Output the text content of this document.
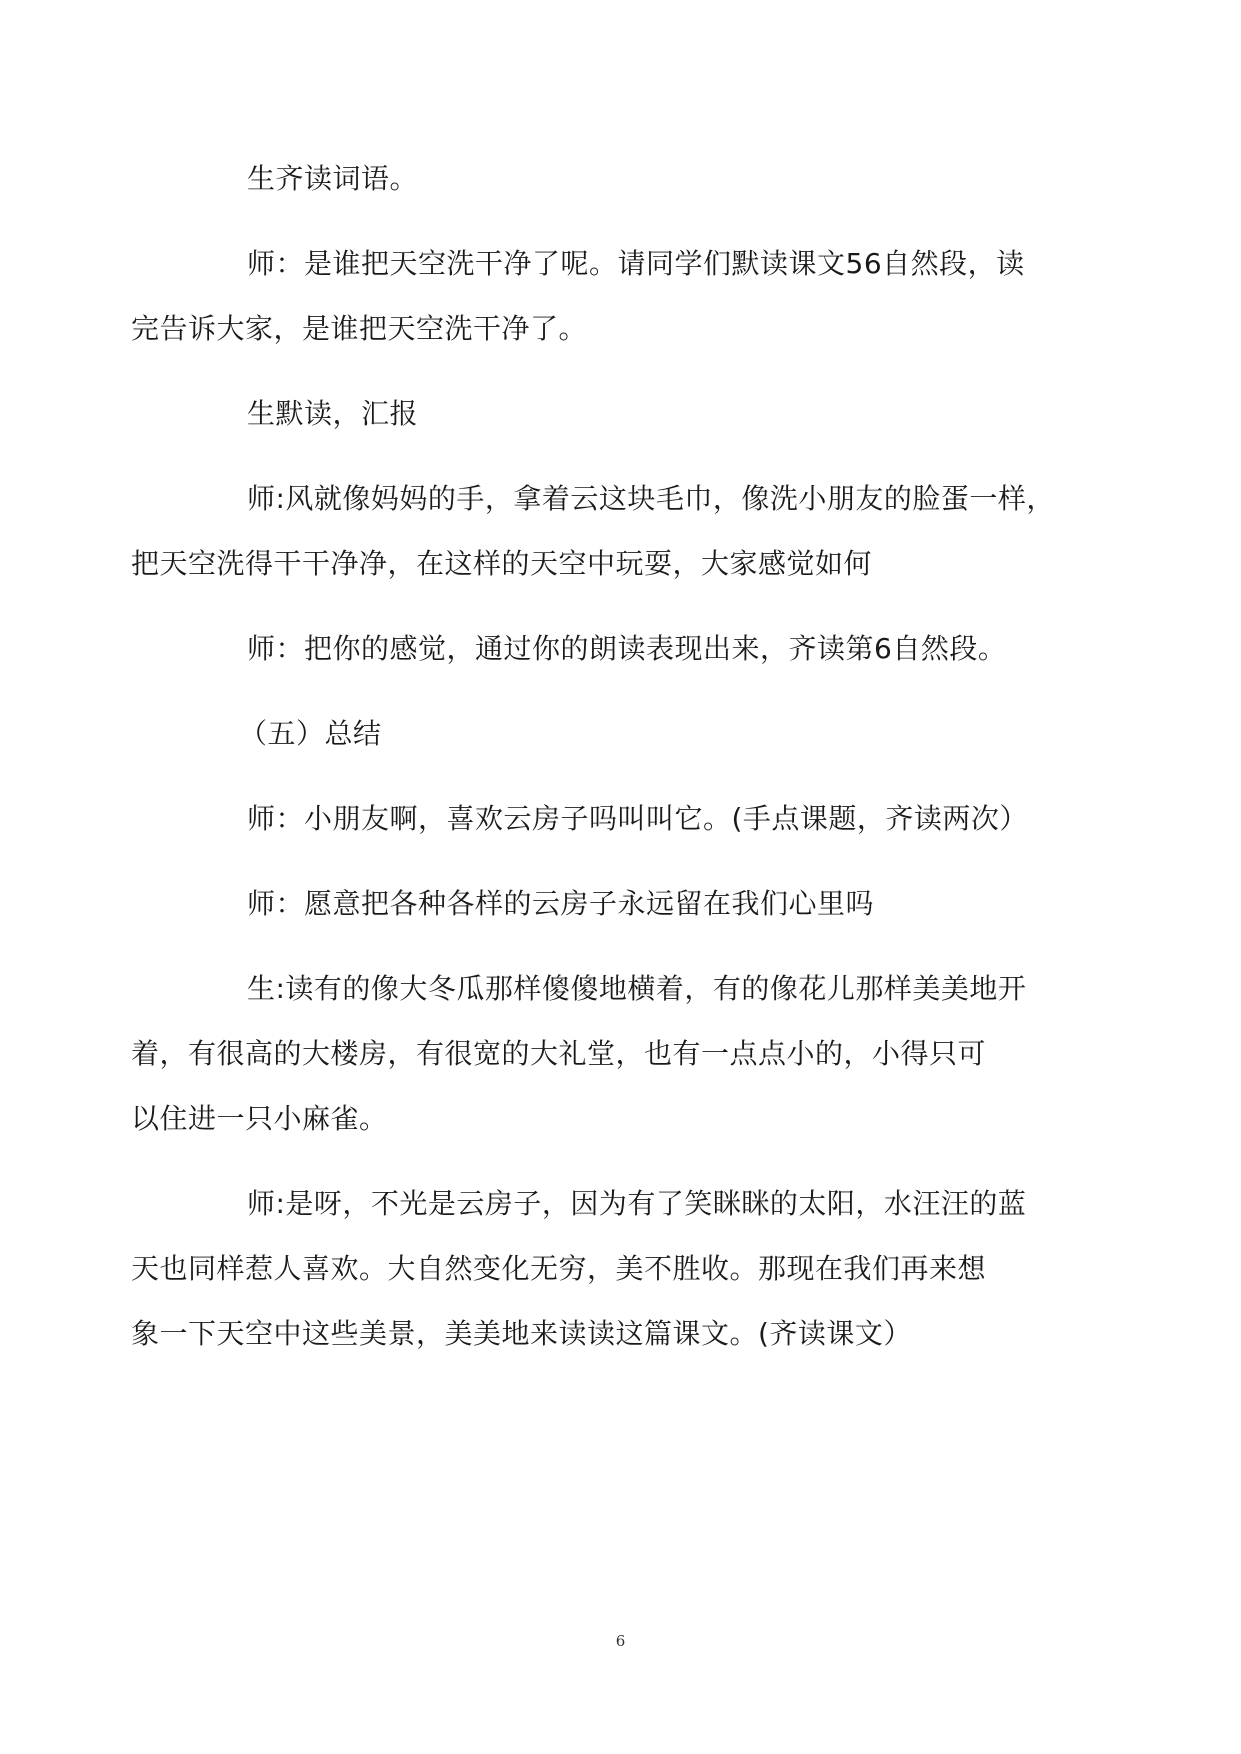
生齐读词语。

师：是谁把天空洗干净了呢。请同学们默读课文56自然段，读
完告诉大家，是谁把天空洗干净了。

生默读，汇报

师:风就像妈妈的手，拿着云这块毛巾，像洗小朋友的脸蛋一样，
把天空洗得干干净净，在这样的天空中玩耍，大家感觉如何

师：把你的感觉，通过你的朗读表现出来，齐读第6自然段。

（五）总结

师：小朋友啊，喜欢云房子吗叫叫它。(手点课题，齐读两次）

师：愿意把各种各样的云房子永远留在我们心里吗

生:读有的像大冬瓜那样傻傻地横着，有的像花儿那样美美地开
着，有很高的大楼房，有很宽的大礼堂，也有一点点小的，小得只可
以住进一只小麻雀。

师:是呀，不光是云房子，因为有了笑眯眯的太阳，水汪汪的蓝
天也同样惹人喜欢。大自然变化无穷，美不胜收。那现在我们再来想
象一下天空中这些美景，美美地来读读这篇课文。(齐读课文）

6
